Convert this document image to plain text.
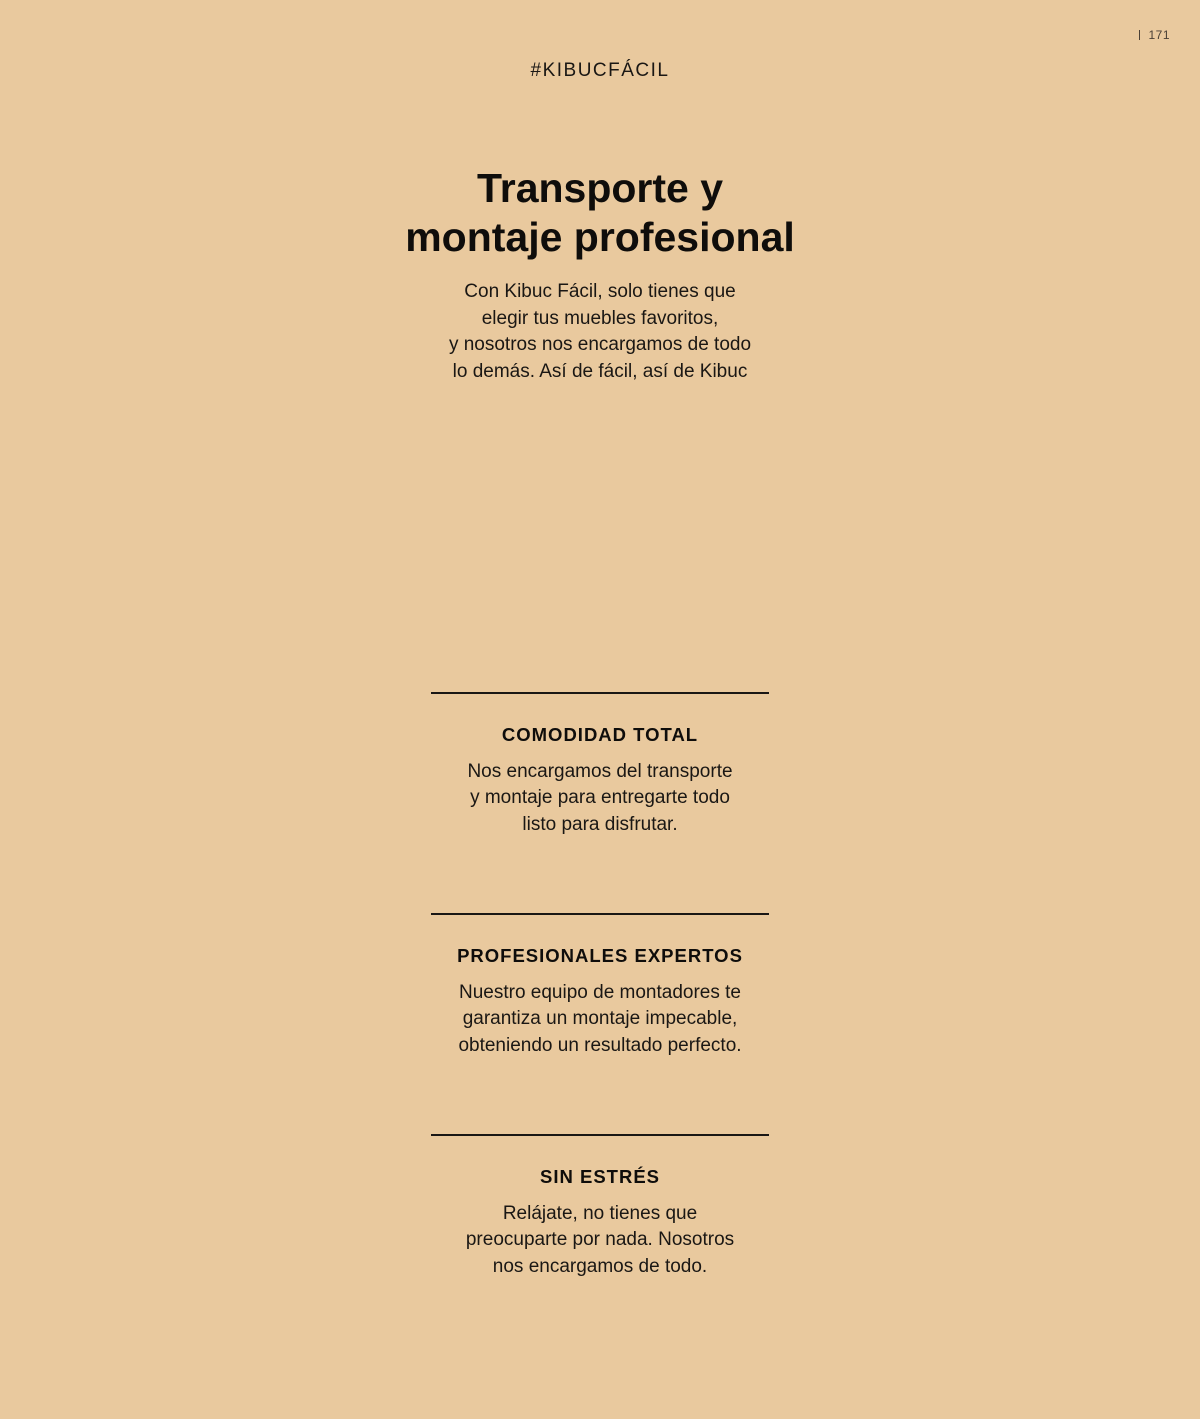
171
#KIBUCFÁCIL
Transporte y
montaje profesional

Con Kibuc Fácil, solo tienes que
elegir tus muebles favoritos,
y nosotros nos encargamos de todo
lo demás. Así de fácil, así de Kibuc

COMODIDAD TOTAL

Nos encargamos del transporte
y montaje para entregarte todo
listo para disfrutar.

PROFESIONALES EXPERTOS

Nuestro equipo de montadores te
garantiza un montaje impecable,
obteniendo un resultado perfecto.

SIN ESTRÉS

Relájate, no tienes que
preocuparte por nada. Nosotros
nos encargamos de todo.
